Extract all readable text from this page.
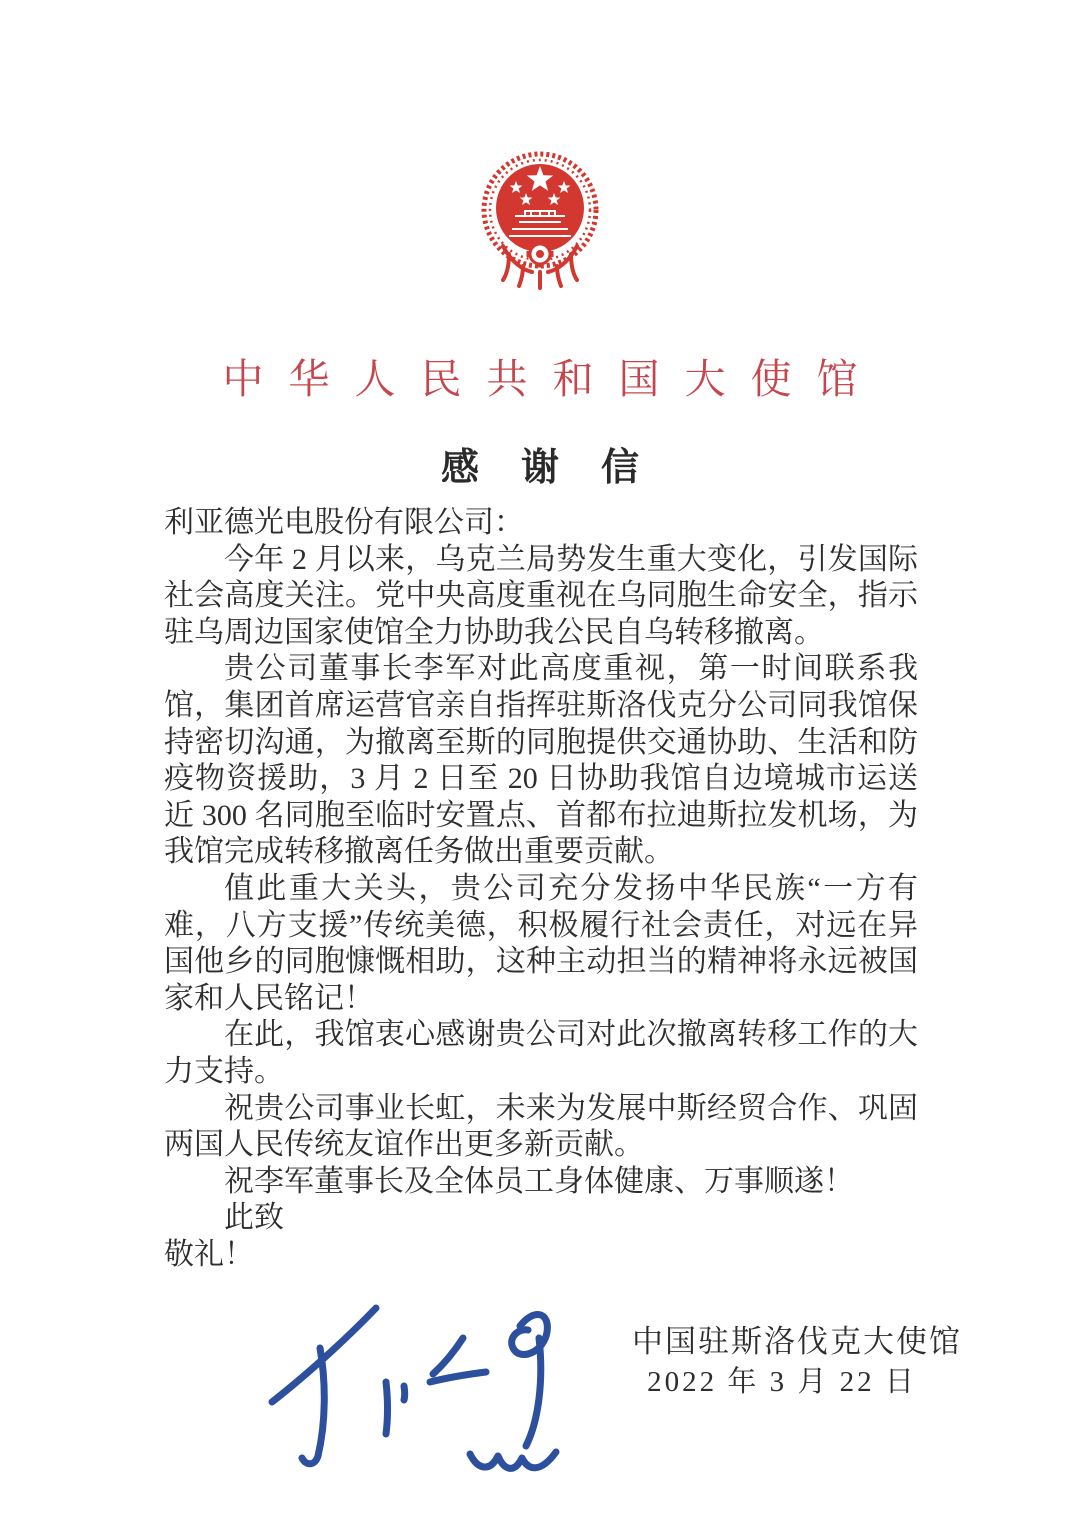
中华人民共和国大使馆
感谢信

利亚德光电股份有限公司：

今年 2 月以来，乌克兰局势发生重大变化，引发国际社会高度关注。党中央高度重视在乌同胞生命安全，指示驻乌周边国家使馆全力协助我公民自乌转移撤离。

贵公司董事长李军对此高度重视，第一时间联系我馆，集团首席运营官亲自指挥驻斯洛伐克分公司同我馆保持密切沟通，为撤离至斯的同胞提供交通协助、生活和防疫物资援助，3 月 2 日至 20 日协助我馆自边境城市运送近 300 名同胞至临时安置点、首都布拉迪斯拉发机场，为我馆完成转移撤离任务做出重要贡献。

值此重大关头，贵公司充分发扬中华民族“一方有难，八方支援”传统美德，积极履行社会责任，对远在异国他乡的同胞慷慨相助，这种主动担当的精神将永远被国家和人民铭记！

在此，我馆衷心感谢贵公司对此次撤离转移工作的大力支持。

祝贵公司事业长虹，未来为发展中斯经贸合作、巩固两国人民传统友谊作出更多新贡献。

祝李军董事长及全体员工身体健康、万事顺遂！

此致

敬礼！

中国驻斯洛伐克大使馆
2022 年 3 月 22 日
